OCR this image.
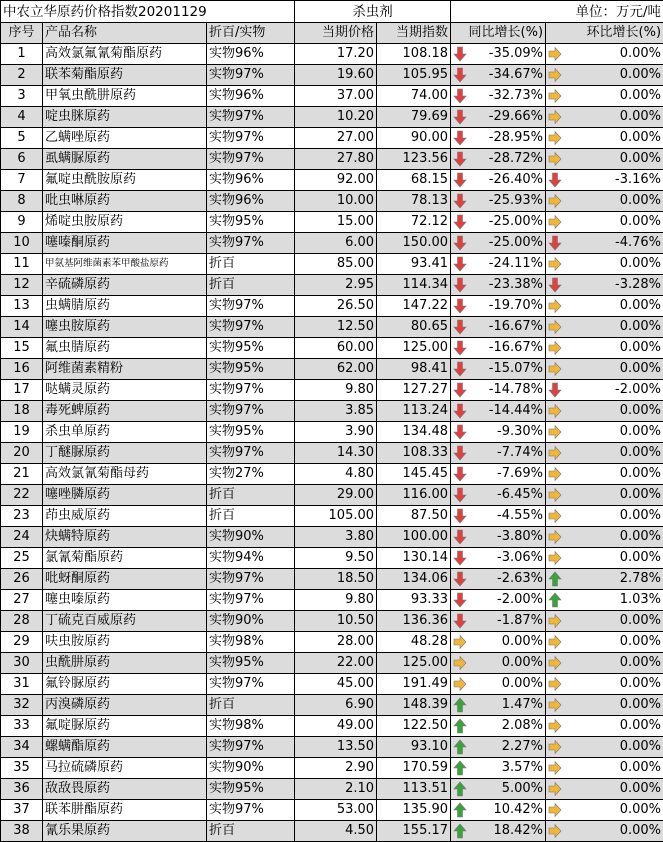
中农立华原药价格指数20201129			杀虫剂		单位：万元/吨	
序号	产品名称	折百/实物	当期价格	当期指数	同比增长(%)	环比增长(%)
1	高效氯氟氰菊酯原药	实物96%	17.20	108.18	-35.09%	0.00%

2	联苯菊酯原药	实物97%	19.60	105.95	-34.67%	0.00%

3	甲氧虫酰肼原药	实物96%	37.00	74.00	-32.73%	0.00%

4	啶虫脒原药	实物97%	10.20	79.69	-29.66%	0.00%

5	乙螨唑原药	实物97%	27.00	90.00	-28.95%	0.00%

6	虱螨脲原药	实物97%	27.80	123.56	-28.72%	0.00%

7	氟啶虫酰胺原药	实物96%	92.00	68.15	-26.40%	-3.16%

8	吡虫啉原药	实物96%	10.00	78.13	-25.93%	0.00%

9	烯啶虫胺原药	实物95%	15.00	72.12	-25.00%	0.00%

10	噻嗪酮原药	实物97%	6.00	150.00	-25.00%	-4.76%

11	甲氨基阿维菌素苯甲酸盐原药	折百	85.00	93.41	-24.11%	0.00%

12	辛硫磷原药	折百	2.95	114.34	-23.38%	-3.28%

13	虫螨腈原药	实物97%	26.50	147.22	-19.70%	0.00%

14	噻虫胺原药	实物97%	12.50	80.65	-16.67%	0.00%

15	氟虫腈原药	实物95%	60.00	125.00	-16.67%	0.00%

16	阿维菌素精粉	实物95%	62.00	98.41	-15.07%	0.00%

17	哒螨灵原药	实物97%	9.80	127.27	-14.78%	-2.00%

18	毒死蜱原药	实物97%	3.85	113.24	-14.44%	0.00%

19	杀虫单原药	实物95%	3.90	134.48	-9.30%	0.00%

20	丁醚脲原药	实物97%	14.30	108.33	-7.74%	0.00%

21	高效氯氰菊酯母药	实物27%	4.80	145.45	-7.69%	0.00%

22	噻唑膦原药	折百	29.00	116.00	-6.45%	0.00%

23	茚虫威原药	折百	105.00	87.50	-4.55%	0.00%

24	炔螨特原药	实物90%	3.80	100.00	-3.80%	0.00%

25	氯氰菊酯原药	实物94%	9.50	130.14	-3.06%	0.00%

26	吡蚜酮原药	实物97%	18.50	134.06	-2.63%	2.78%

27	噻虫嗪原药	实物97%	9.80	93.33	-2.00%	1.03%

28	丁硫克百威原药	实物90%	10.50	136.36	-1.87%	0.00%

29	呋虫胺原药	实物98%	28.00	48.28	0.00%	0.00%

30	虫酰肼原药	实物95%	22.00	125.00	0.00%	0.00%

31	氟铃脲原药	实物97%	45.00	191.49	0.00%	0.00%

32	丙溴磷原药	折百	6.90	148.39	1.47%	0.00%

33	氟啶脲原药	实物98%	49.00	122.50	2.08%	0.00%

34	螺螨酯原药	实物97%	13.50	93.10	2.27%	0.00%

35	马拉硫磷原药	实物90%	2.90	170.59	3.57%	0.00%

36	敌敌畏原药	实物95%	2.10	113.51	5.00%	0.00%

37	联苯肼酯原药	实物97%	53.00	135.90	10.42%	0.00%

38	氰乐果原药	折百	4.50	155.17	18.42%	0.00%
